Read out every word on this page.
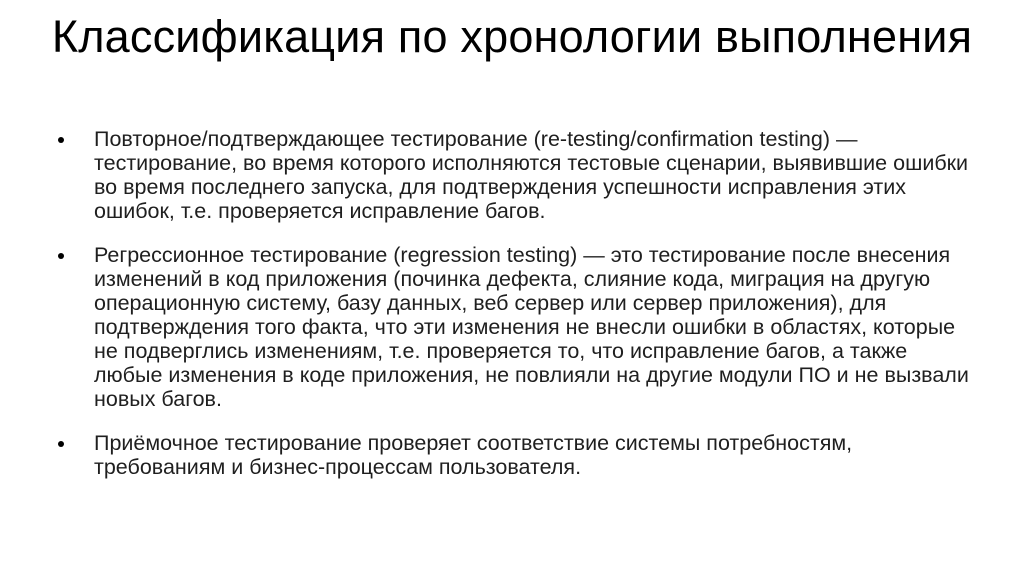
Классификация по хронологии выполнения
Повторное/подтверждающее тестирование (re-testing/confirmation testing) — тестирование, во время которого исполняются тестовые сценарии, выявившие ошибки во время последнего запуска, для подтверждения успешности исправления этих ошибок, т.е. проверяется исправление багов.
Регрессионное тестирование (regression testing) — это тестирование после внесения изменений в код приложения (починка дефекта, слияние кода, миграция на другую операционную систему, базу данных, веб сервер или сервер приложения), для подтверждения того факта, что эти изменения не внесли ошибки в областях, которые не подверглись изменениям, т.е. проверяется то, что исправление багов, а также любые изменения в коде приложения, не повлияли на другие модули ПО и не вызвали новых багов.
Приёмочное тестирование проверяет соответствие системы потребностям, требованиям и бизнес-процессам пользователя.
